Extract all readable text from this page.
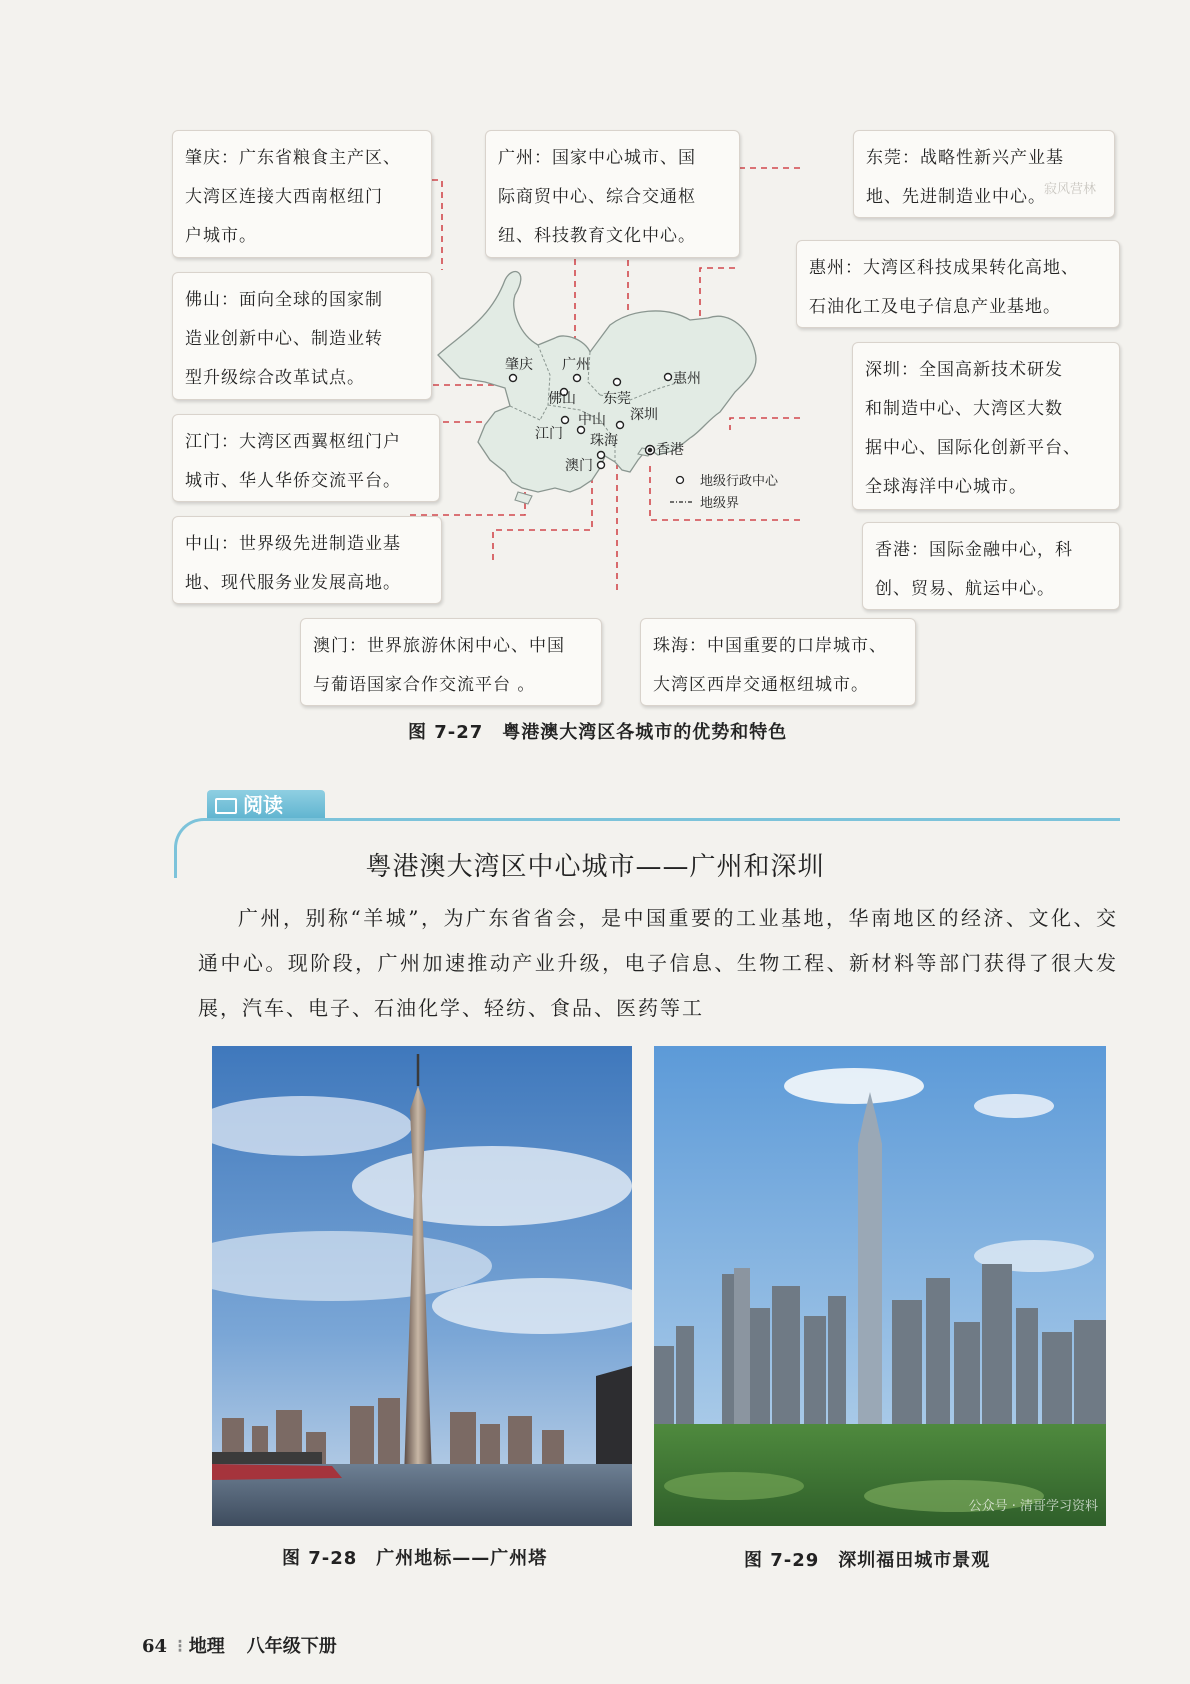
肇庆 广州
佛山 东莞
惠州
中山 深圳
江门 珠海
香港
澳门
地级行政中心
地级界
肇庆：广东省粮食主产区、
大湾区连接大西南枢纽门
户城市。
广州：国家中心城市、国
际商贸中心、综合交通枢
纽、科技教育文化中心。
东莞：战略性新兴产业基
地、先进制造业中心。
惠州：大湾区科技成果转化高地、
石油化工及电子信息产业基地。
佛山：面向全球的国家制
造业创新中心、制造业转
型升级综合改革试点。
江门：大湾区西翼枢纽门户
城市、华人华侨交流平台。
深圳：全国高新技术研发
和制造中心、大湾区大数
据中心、国际化创新平台、
全球海洋中心城市。
中山：世界级先进制造业基
地、现代服务业发展高地。
香港：国际金融中心，科
创、贸易、航运中心。
澳门：世界旅游休闲中心、中国
与葡语国家合作交流平台 。
珠海：中国重要的口岸城市、
大湾区西岸交通枢纽城市。
寂风营林
图 7-27　粤港澳大湾区各城市的优势和特色
阅读
粤港澳大湾区中心城市——广州和深圳
广州，别称“羊城”，为广东省省会，是中国重要的工业基地，华南地区的经济、文化、交通中心。现阶段，广州加速推动产业升级，电子信息、生物工程、新材料等部门获得了很大发展，汽车、电子、石油化学、轻纺、食品、医药等工
公众号 · 清哥学习资料
图 7-28　广州地标——广州塔	图 7-29　深圳福田城市景观
64 ⁝ 地理 八年级下册
